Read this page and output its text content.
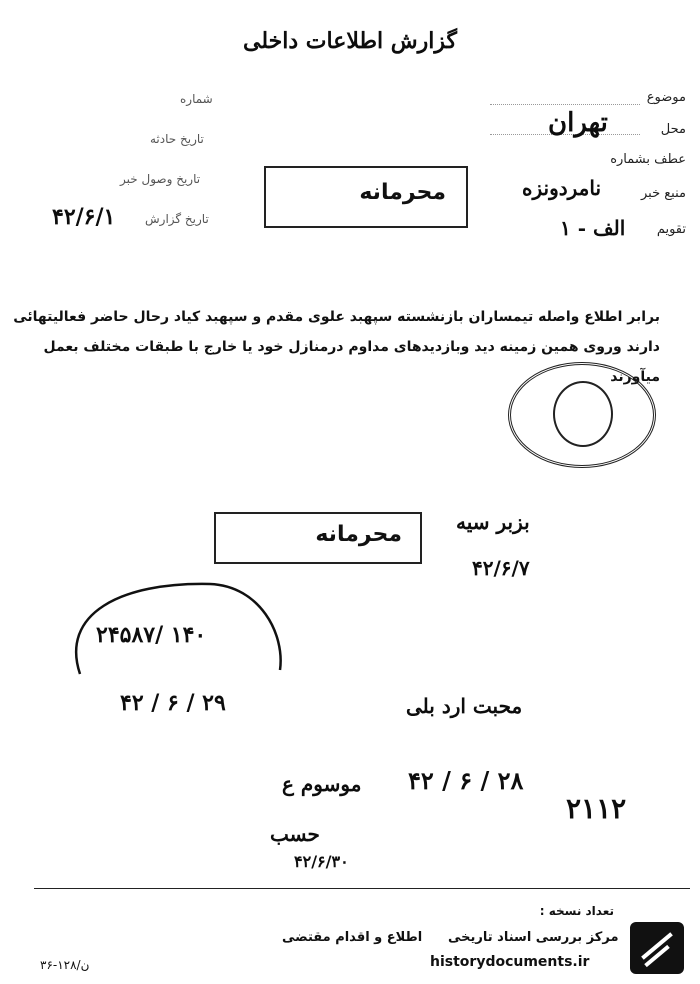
گزارش اطلاعات داخلی
موضوع
محل
تهران
عطف بشماره
منبع خبر
نامردونزه
تقویم
الف - ۱
شماره
تاریخ حادثه
تاریخ وصول خبر
تاریخ گزارش
۴۲/۶/۱
محرمانه
برابر اطلاع واصله تیمساران بازنشسته سپهبد علوی مقدم و سپهبد کیاد رحال حاضر فعالیتهائی
دارند وروی همین زمینه دید وبازدیدهای مداوم درمنازل خود یا خارج با طبقات مختلف بعمل
میآورند
محرمانه	بزبر سیه
۴۲/۶/۷
۲۴۵۸۷/ ۱۴۰
۴۲ / ۶ / ۲۹	محبت ارد بلی
۴۲ / ۶ / ۲۸
۲۱۱۲
موسوم ع
حسب
۴۲/۶/۳۰
تعداد نسخه :
اطلاع و اقدام مقتضی مرکز بررسی اسناد تاریخی
historydocuments.ir
۳۶-۱۲۸/ن
